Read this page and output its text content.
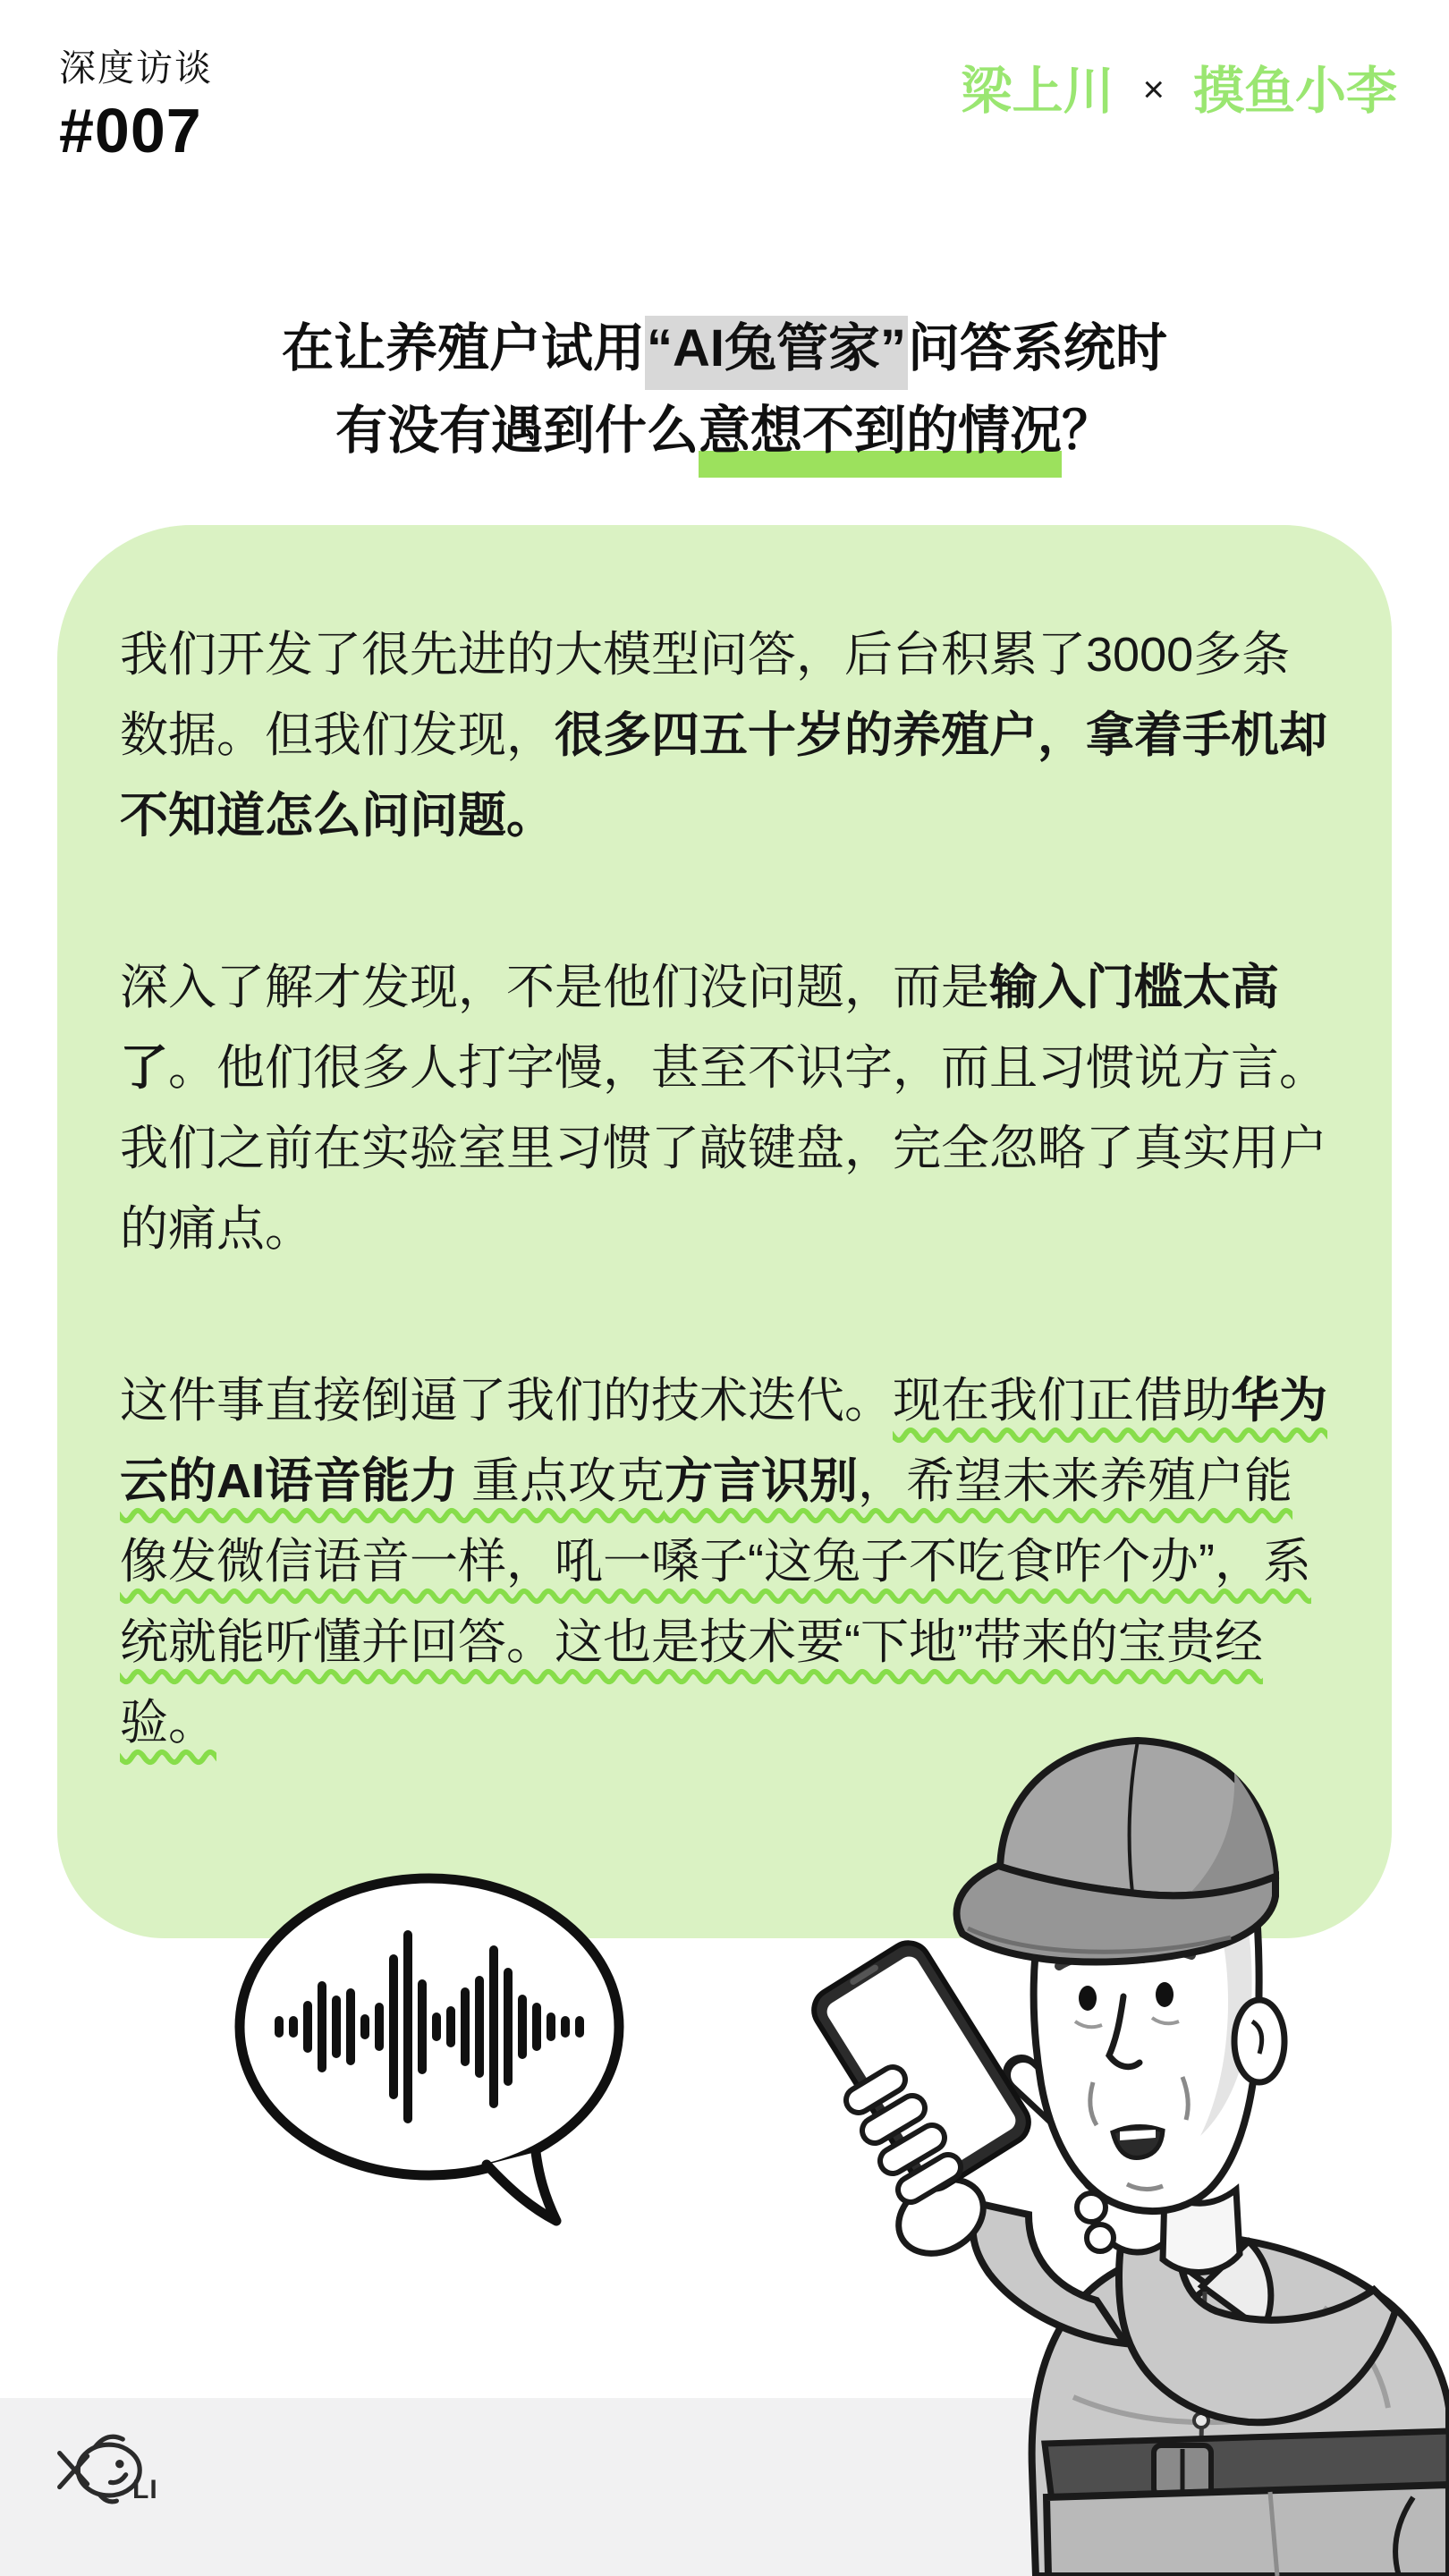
深度访谈
#007
梁上川 × 摸鱼小李
在让养殖户试用“AI兔管家”问答系统时
有没有遇到什么意想不到的情况？

我们开发了很先进的大模型问答，后台积累了3000多条数据。但我们发现，很多四五十岁的养殖户，拿着手机却不知道怎么问问题。

深入了解才发现，不是他们没问题，而是输入门槛太高了。他们很多人打字慢，甚至不识字，而且习惯说方言。我们之前在实验室里习惯了敲键盘，完全忽略了真实用户的痛点。

这件事直接倒逼了我们的技术迭代。现在我们正借助华为云的AI语音能力 重点攻克方言识别，希望未来养殖户能像发微信语音一样，吼一嗓子“这兔子不吃食咋个办”，系统就能听懂并回答。这也是技术要“下地”带来的宝贵经验。

LI
